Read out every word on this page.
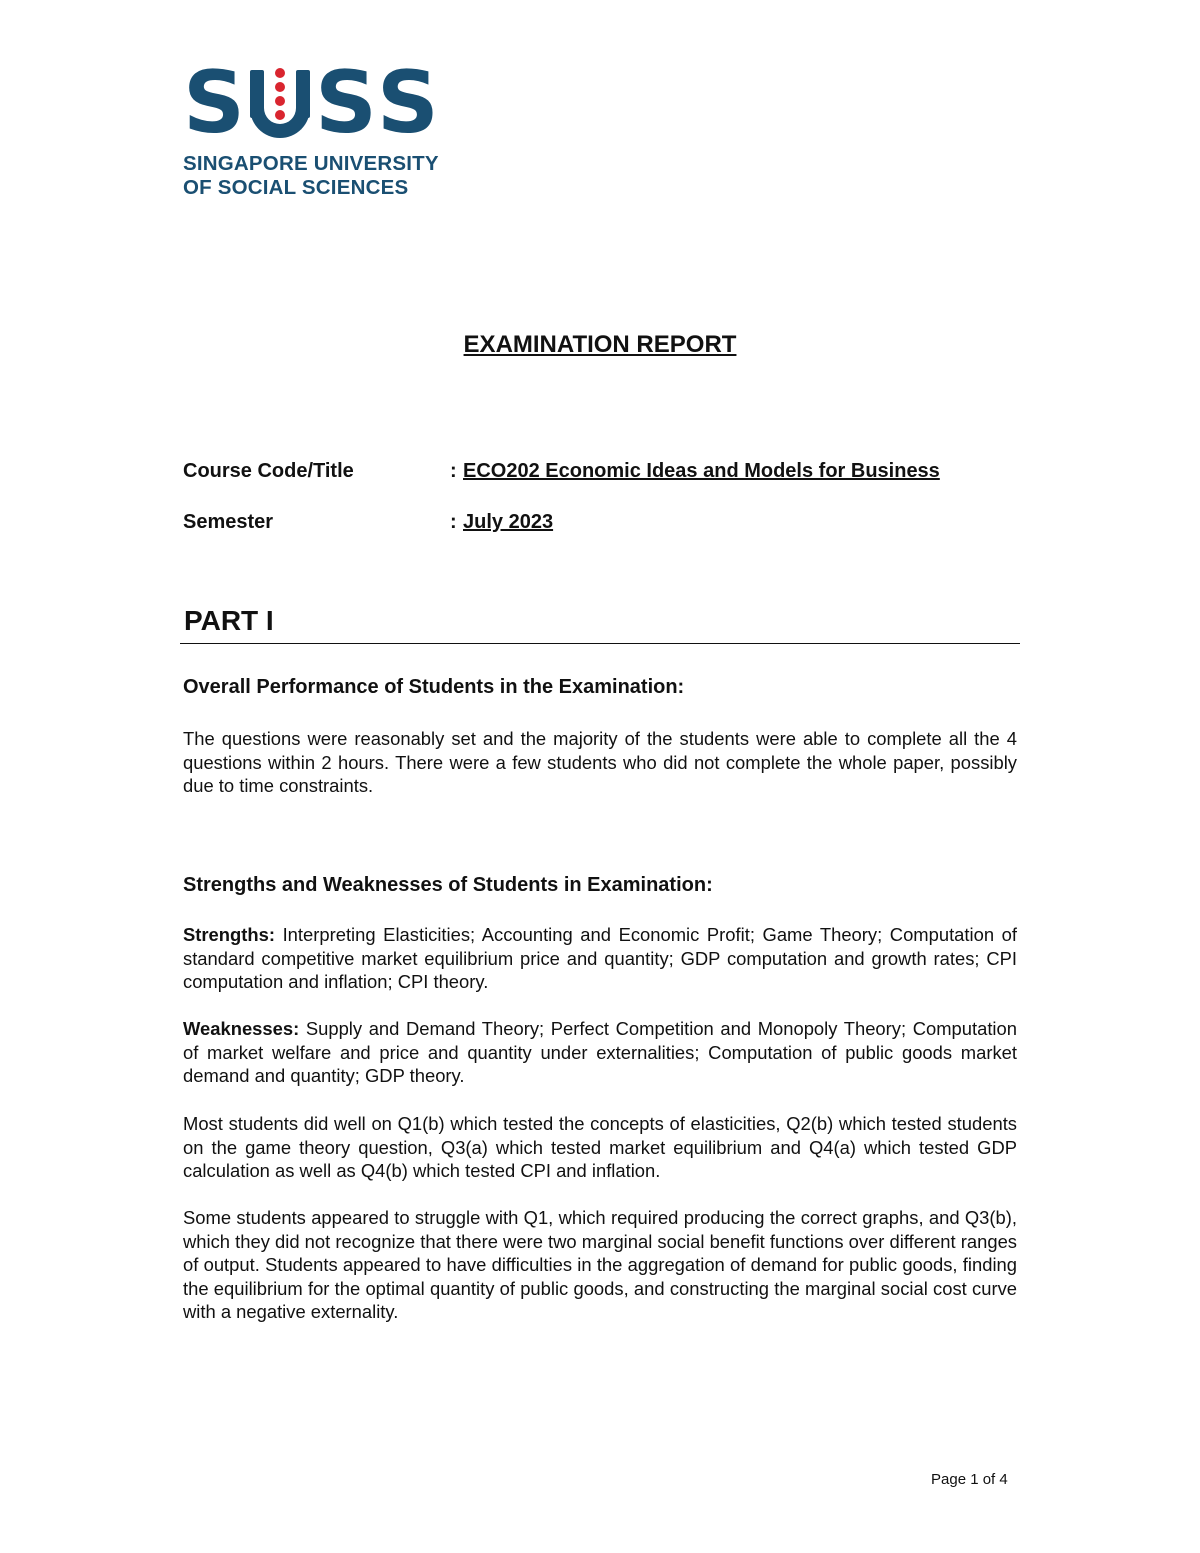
S S S
SINGAPORE UNIVERSITY
OF SOCIAL SCIENCES
EXAMINATION REPORT
Course Code/Title	: ECO202 Economic Ideas and Models for Business
Semester	: July 2023
PART I
Overall Performance of Students in the Examination:
The questions were reasonably set and the majority of the students were able to complete all the 4 questions within 2 hours. There were a few students who did not complete the whole paper, possibly due to time constraints.
Strengths and Weaknesses of Students in Examination:
Strengths: Interpreting Elasticities; Accounting and Economic Profit; Game Theory; Computation of standard competitive market equilibrium price and quantity; GDP computation and growth rates; CPI computation and inflation; CPI theory.
Weaknesses: Supply and Demand Theory; Perfect Competition and Monopoly Theory; Computation of market welfare and price and quantity under externalities; Computation of public goods market demand and quantity; GDP theory.
Most students did well on Q1(b) which tested the concepts of elasticities, Q2(b) which tested students on the game theory question, Q3(a) which tested market equilibrium and Q4(a) which tested GDP calculation as well as Q4(b) which tested CPI and inflation.
Some students appeared to struggle with Q1, which required producing the correct graphs, and Q3(b), which they did not recognize that there were two marginal social benefit functions over different ranges of output. Students appeared to have difficulties in the aggregation of demand for public goods, finding the equilibrium for the optimal quantity of public goods, and constructing the marginal social cost curve with a negative externality.
Page 1 of 4
